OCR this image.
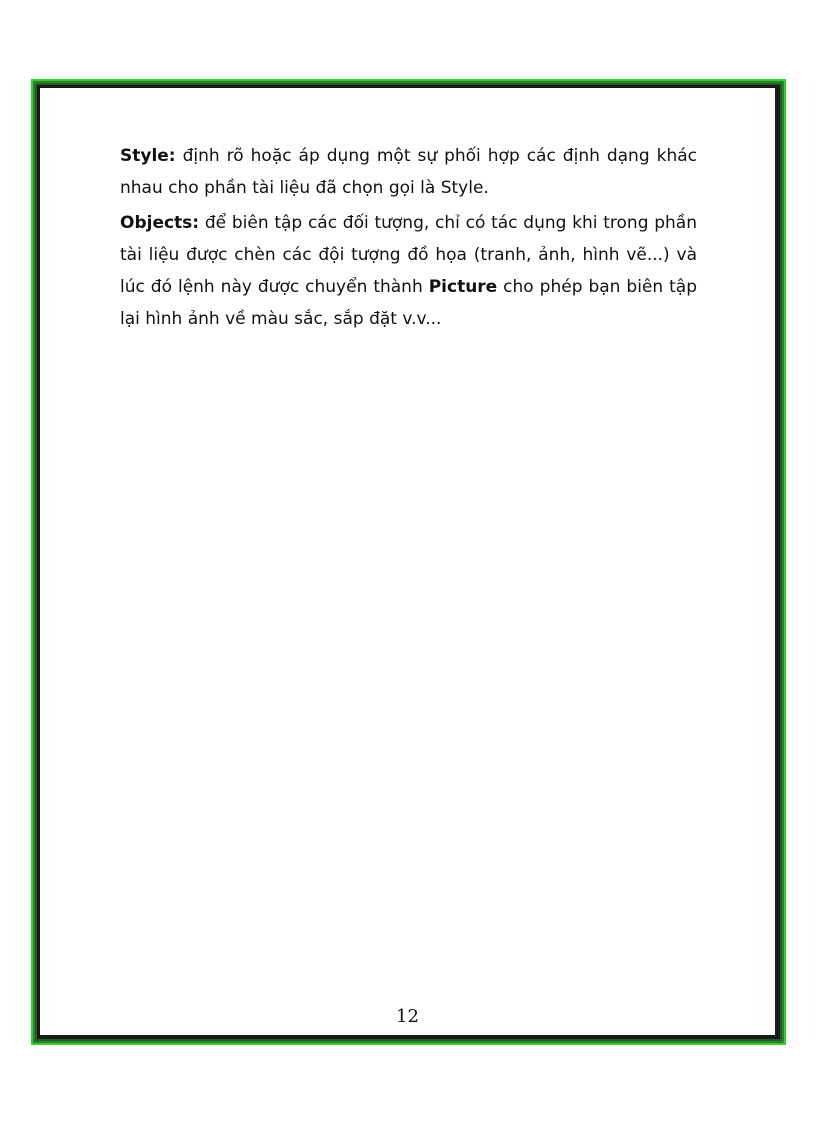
Style: định rõ hoặc áp dụng một sự phối hợp các định dạng khác nhau cho phần tài liệu đã chọn gọi là Style.

Objects: để biên tập các đối tượng, chỉ có tác dụng khi trong phần tài liệu được chèn các đội tượng đồ họa (tranh, ảnh, hình vẽ...) và lúc đó lệnh này được chuyển thành Picture cho phép bạn biên tập lại hình ảnh về màu sắc, sắp đặt v.v...

12
